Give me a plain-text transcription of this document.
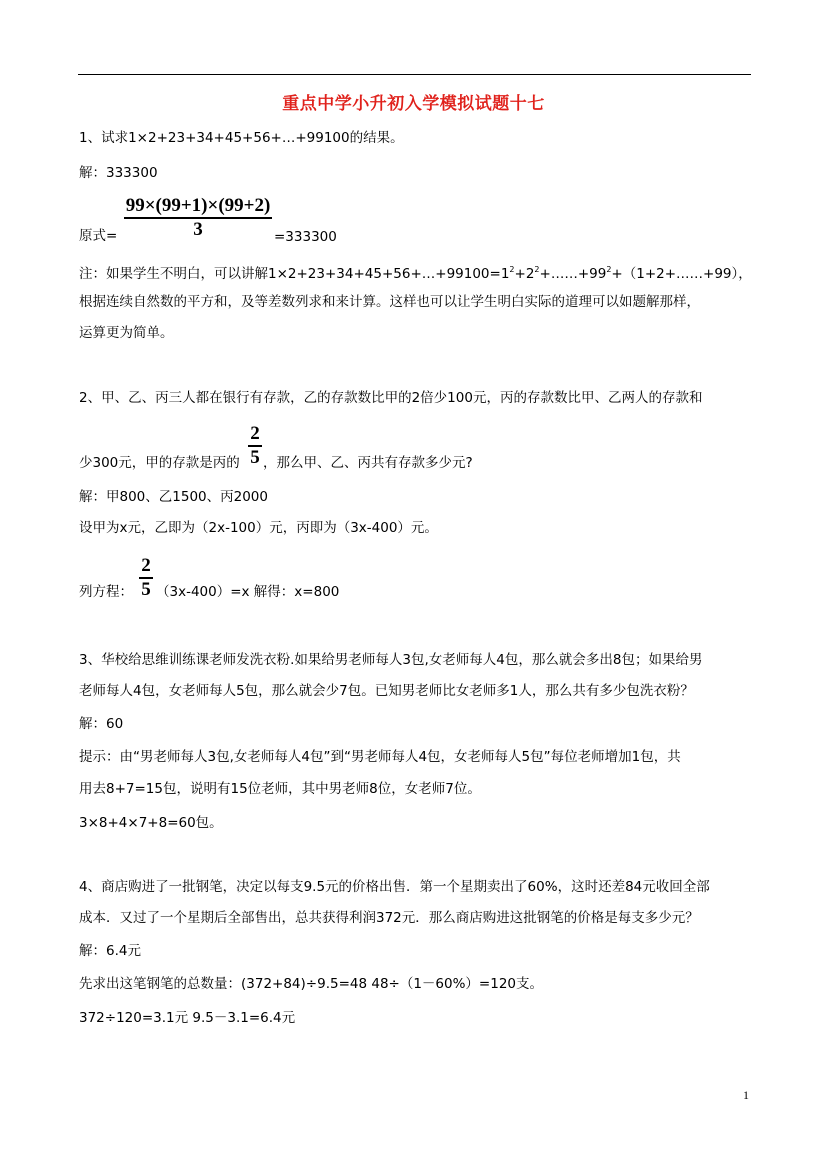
重点中学小升初入学模拟试题十七
1、试求1×2+23+34+45+56+…+99100的结果。
解：333300
99×(99+1)×(99+2)
3
原式=	=333300
注：如果学生不明白，可以讲解$1\times 2+23+34+45+56+\dots+99100=1^2+2^2+\dots\dots+99^2+(1+2+\dots\dots+99)$，
根据连续自然数的平方和，及等差数列求和来计算。这样也可以让学生明白实际的道理可以如题解那样，
运算更为简单。
2、甲、乙、丙三人都在银行有存款，乙的存款数比甲的2倍少100元，丙的存款数比甲、乙两人的存款和
少300元，甲的存款是丙的
2
5 ，那么甲、乙、丙共有存款多少元?
解：甲800、乙1500、丙2000
设甲为x元，乙即为（2x-100）元，丙即为（3x-400）元。
列方程：
2
5 （3x-400）=x 解得：x=800
3、华校给思维训练课老师发洗衣粉.如果给男老师每人3包,女老师每人4包，那么就会多出8包；如果给男
老师每人4包，女老师每人5包，那么就会少7包。已知男老师比女老师多1人，那么共有多少包洗衣粉？
解：60
提示：由“男老师每人3包,女老师每人4包”到“男老师每人4包，女老师每人5包”每位老师增加1包，共
用去8+7=15包，说明有15位老师，其中男老师8位，女老师7位。
3×8+4×7+8=60包。
4、商店购进了一批钢笔，决定以每支9.5元的价格出售．第一个星期卖出了60%，这时还差84元收回全部
成本．又过了一个星期后全部售出，总共获得利润372元．那么商店购进这批钢笔的价格是每支多少元？
解：6.4元
先求出这笔钢笔的总数量：(372+84)÷9.5=48 48÷（1－60%）=120支。
372÷120=3.1元 9.5－3.1=6.4元
1
